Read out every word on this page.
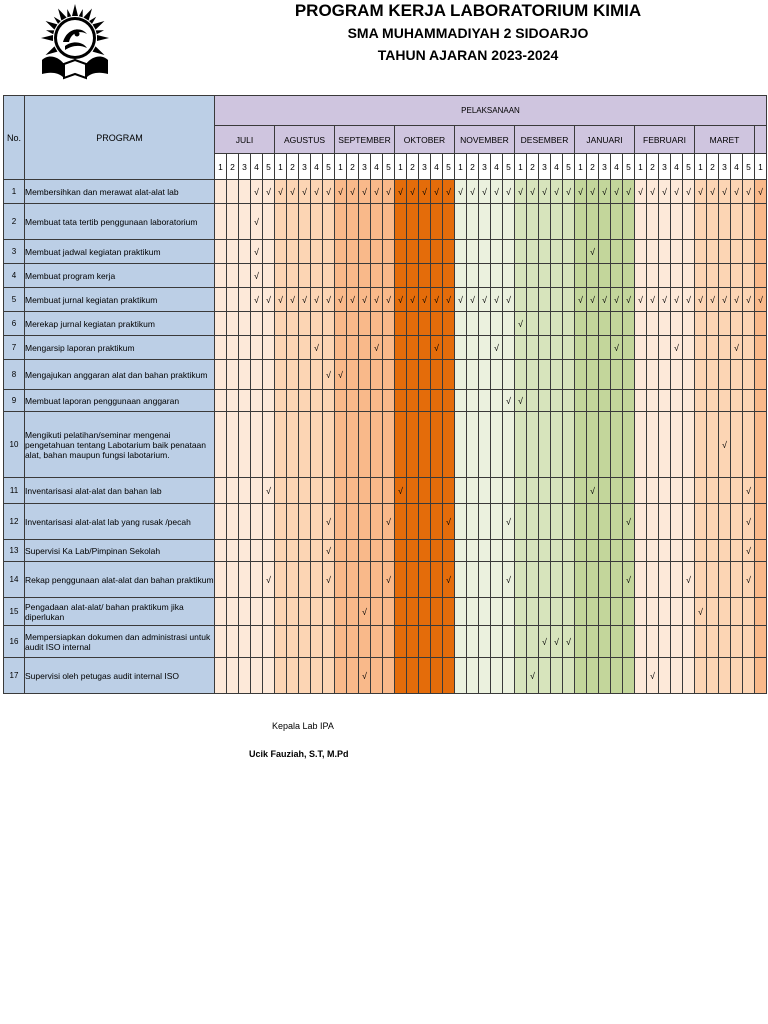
PROGRAM KERJA LABORATORIUM KIMIA
SMA MUHAMMADIYAH 2 SIDOARJO
TAHUN AJARAN 2023-2024
No.	PROGRAM	PELAKSANAAN																																													
		JULI					AGUSTUS					SEPTEMBER					OKTOBER					NOVEMBER					DESEMBER					JANUARI					FEBRUARI					MARET					
		1	2	3	4	5	1	2	3	4	5	1	2	3	4	5	1	2	3	4	5	1	2	3	4	5	1	2	3	4	5	1	2	3	4	5	1	2	3	4	5	1	2	3	4	5	1
1	Membersihkan dan merawat alat-alat lab				√	√	√	√	√	√	√	√	√	√	√	√	√	√	√	√	√	√	√	√	√	√	√	√	√	√	√	√	√	√	√	√	√	√	√	√	√	√	√	√	√	√	√
2	Membuat tata tertib penggunaan laboratorium				√																																										
3	Membuat jadwal kegiatan praktikum				√																												√														
4	Membuat program kerja				√																																										
5	Membuat jurnal kegiatan praktikum				√	√	√	√	√	√	√	√	√	√	√	√	√	√	√	√	√	√	√	√	√	√						√	√	√	√	√	√	√	√	√	√	√	√	√	√	√	√
6	Merekap jurnal kegiatan praktikum																										√																				
7	Mengarsip laporan praktikum									√					√					√					√										√					√					√		
8	Mengajukan anggaran alat dan bahan praktikum										√	√																																			
9	Membuat laporan penggunaan anggaran																									√	√																				
10	Mengikuti pelatihan/seminar mengenai pengetahuan tentang Labotarium baik penataan alat, bahan maupun fungsi labotarium.																																											√			
11	Inventarisasi alat-alat dan bahan lab					√											√																√													√	
12	Inventarisasi alat-alat lab yang rusak /pecah										√					√					√					√										√										√	
13	Supervisi Ka Lab/Pimpinan Sekolah										√																																			√	
14	Rekap penggunaan alat-alat dan bahan praktikum					√					√					√					√					√										√					√					√	
15	Pengadaan alat-alat/ bahan praktikum jika diperlukan													√																												√					
16	Mempersiapkan dokumen dan administrasi untuk audit ISO internal																												√	√	√																
17	Supervisi oleh petugas audit internal ISO													√														√										√									
Kepala Lab IPA
Ucik Fauziah, S.T, M.Pd
